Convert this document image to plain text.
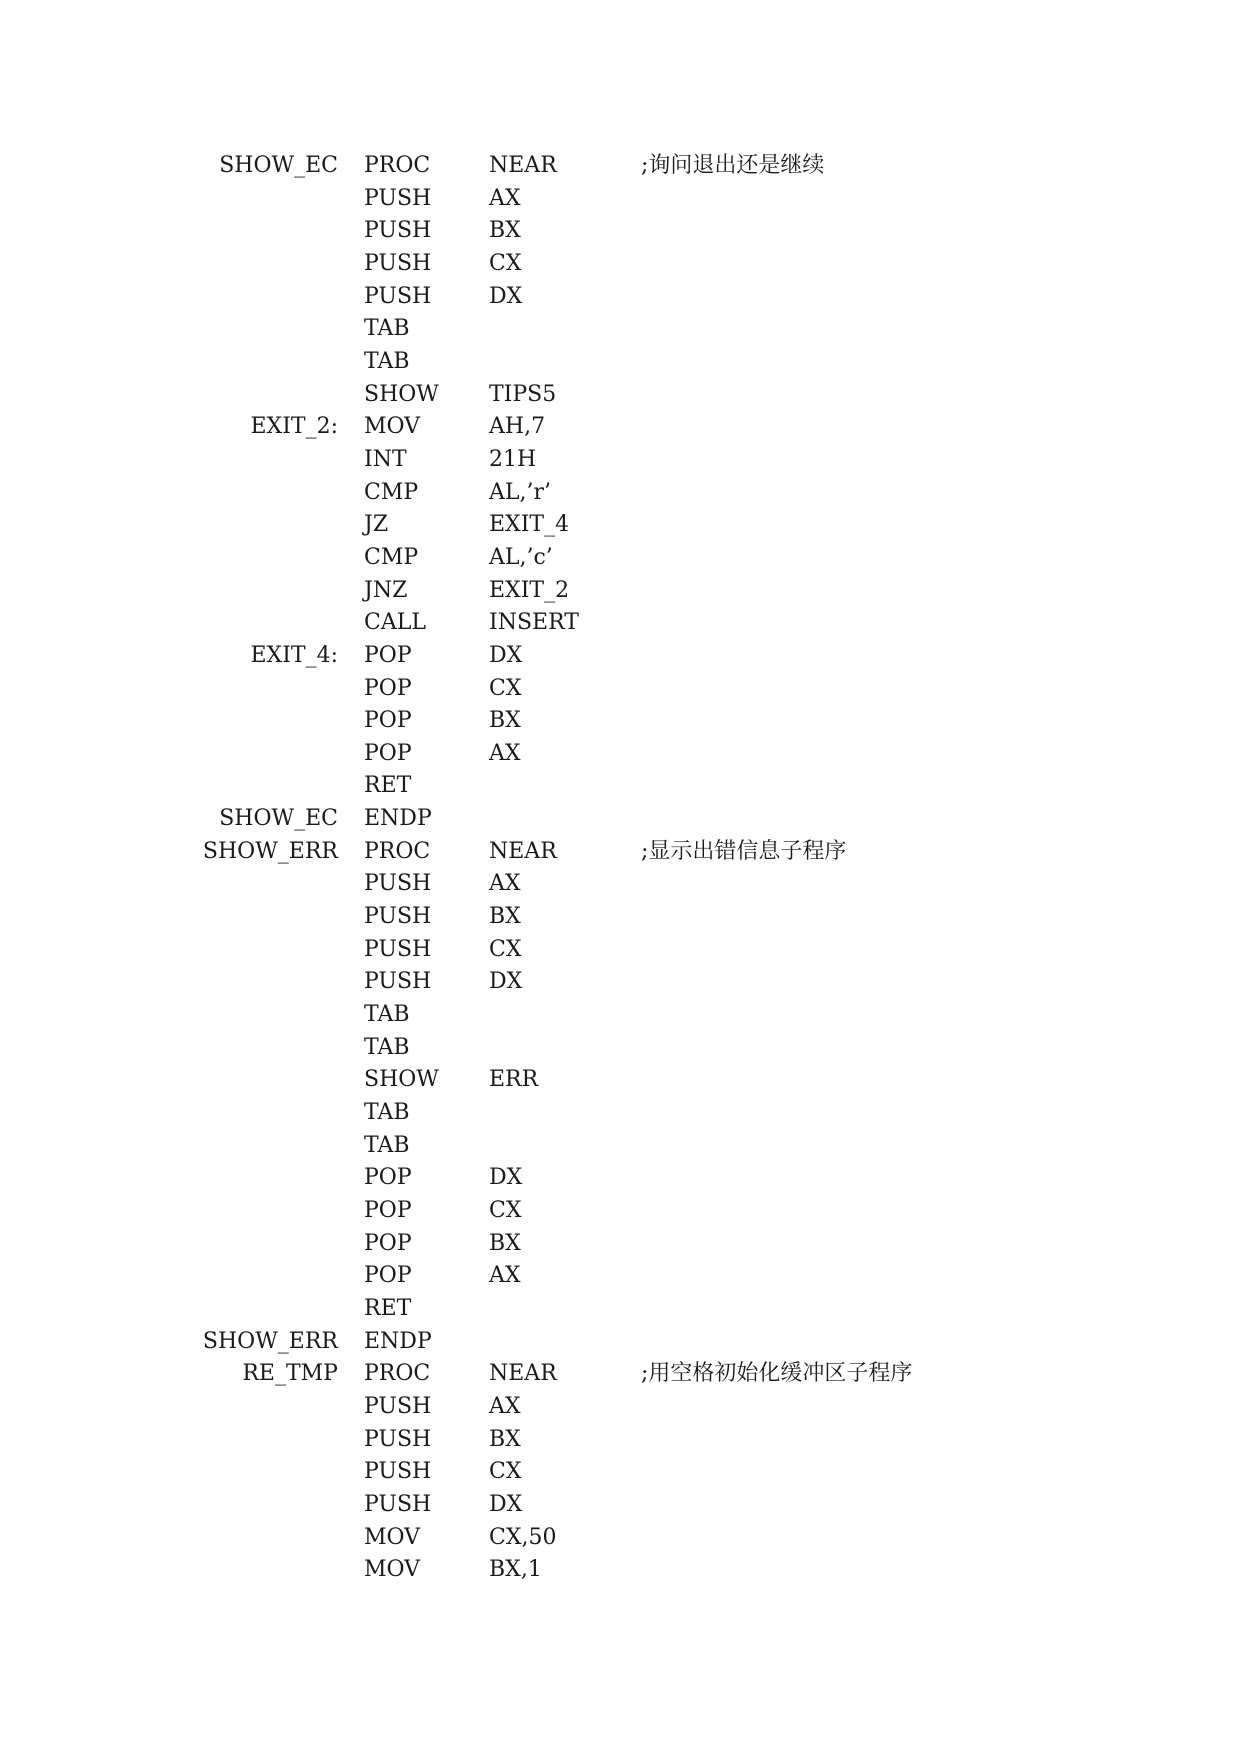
SHOW_EC PROC	NEAR	;询问退出还是继续
PUSH	AX
PUSH	BX
PUSH	CX
PUSH	DX
TAB
TAB
SHOW TIPS5
EXIT_2: MOV	AH,7
INT	21H
CMP	AL,’r’
JZ	EXIT_4
CMP	AL,’c’
JNZ	EXIT_2
CALL	INSERT
EXIT_4: POP	DX
POP	CX
POP	BX
POP	AX
RET
SHOW_EC ENDP
SHOW_ERR PROC	NEAR	;显示出错信息子程序
PUSH	AX
PUSH	BX
PUSH	CX
PUSH	DX
TAB
TAB
SHOW ERR
TAB
TAB
POP	DX
POP	CX
POP	BX
POP	AX
RET
SHOW_ERR ENDP
RE_TMP PROC	NEAR	;用空格初始化缓冲区子程序
PUSH	AX
PUSH	BX
PUSH	CX
PUSH	DX
MOV	CX,50
MOV	BX,1
